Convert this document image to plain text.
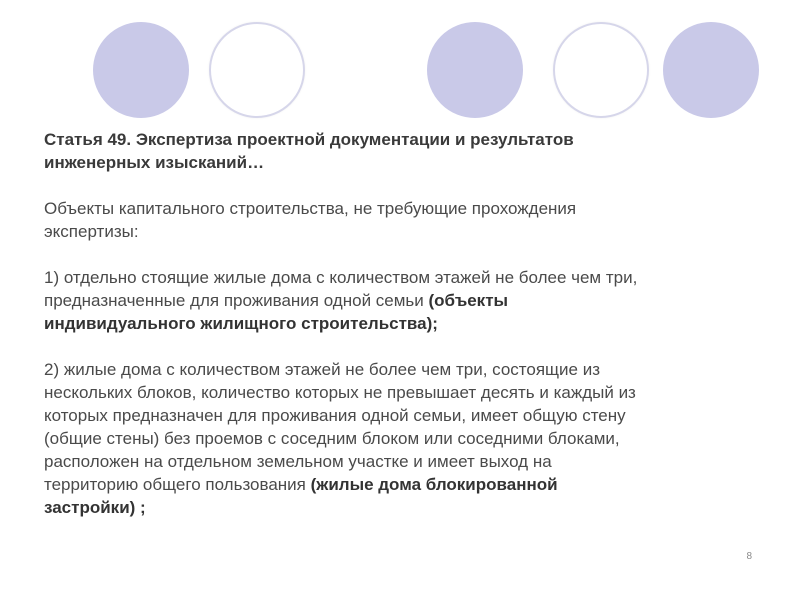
Статья 49. Экспертиза проектной документации и результатов
инженерных изысканий…

Объекты капитального строительства, не требующие прохождения
экспертизы:

1) отдельно стоящие жилые дома с количеством этажей не более чем три,
предназначенные для проживания одной семьи (объекты
индивидуального жилищного строительства);

2) жилые дома с количеством этажей не более чем три, состоящие из
нескольких блоков, количество которых не превышает десять и каждый из
которых предназначен для проживания одной семьи, имеет общую стену
(общие стены) без проемов с соседним блоком или соседними блоками,
расположен на отдельном земельном участке и имеет выход на
территорию общего пользования (жилые дома блокированной
застройки) ;

8
